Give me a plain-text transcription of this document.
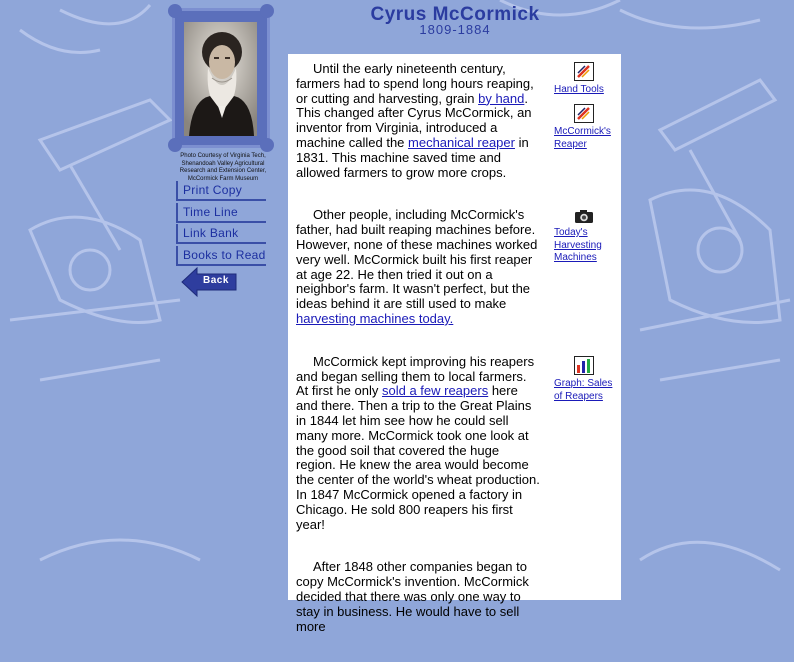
Photo Courtesy of Virginia Tech, Shenandoah Valley Agricultural Research and Extension Center, McCormick Farm Museum
Print Copy
Time Line
Link Bank
Books to Read
Back
Cyrus McCormick
1809-1884

Until the early nineteenth century, farmers had to spend long hours reaping, or cutting and harvesting, grain by hand. This changed after Cyrus McCormick, an inventor from Virginia, introduced a machine called the mechanical reaper in 1831. This machine saved time and allowed farmers to grow more crops.

Other people, including McCormick's father, had built reaping machines before. However, none of these machines worked very well. McCormick built his first reaper at age 22. He then tried it out on a neighbor's farm. It wasn't perfect, but the ideas behind it are still used to make harvesting machines today.

McCormick kept improving his reapers and began selling them to local farmers. At first he only sold a few reapers here and there. Then a trip to the Great Plains in 1844 let him see how he could sell many more. McCormick took one look at the good soil that covered the huge region. He knew the area would become the center of the world's wheat production. In 1847 McCormick opened a factory in Chicago. He sold 800 reapers his first year!

After 1848 other companies began to copy McCormick's invention. McCormick decided that there was only one way to stay in business. He would have to sell more

Hand Tools
McCormick's Reaper
Today's Harvesting Machines
Graph: Sales of Reapers
